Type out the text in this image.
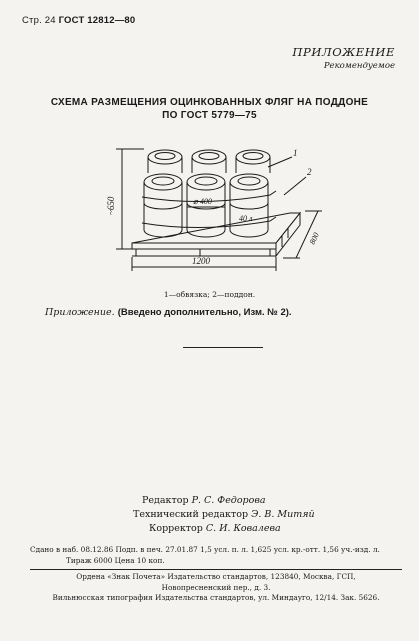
Стр. 24 ГОСТ 12812—80
ПРИЛОЖЕНИЕ
Рекомендуемое
СХЕМА РАЗМЕЩЕНИЯ ОЦИНКОВАННЫХ ФЛЯГ НА ПОДДОНЕ
ПО ГОСТ 5779—75
~650	⌀ 400
40 л
1200
800
1
2
1—обвязка; 2—поддон.
Приложение. (Введено дополнительно, Изм. № 2).
Редактор Р. С. Федорова
Технический редактор Э. В. Митяй
Корректор С. И. Ковалева
Сдано в наб. 08.12.86 Подп. в печ. 27.01.87 1,5 усл. п. л. 1,625 усл. кр.-отт. 1,56 уч.-изд. л.
Тираж 6000 Цена 10 коп.
Ордена «Знак Почета» Издательство стандартов, 123840, Москва, ГСП,
Новопресненский пер., д. 3.
Вильнюсская типография Издательства стандартов, ул. Миндауго, 12/14. Зак. 5626.
